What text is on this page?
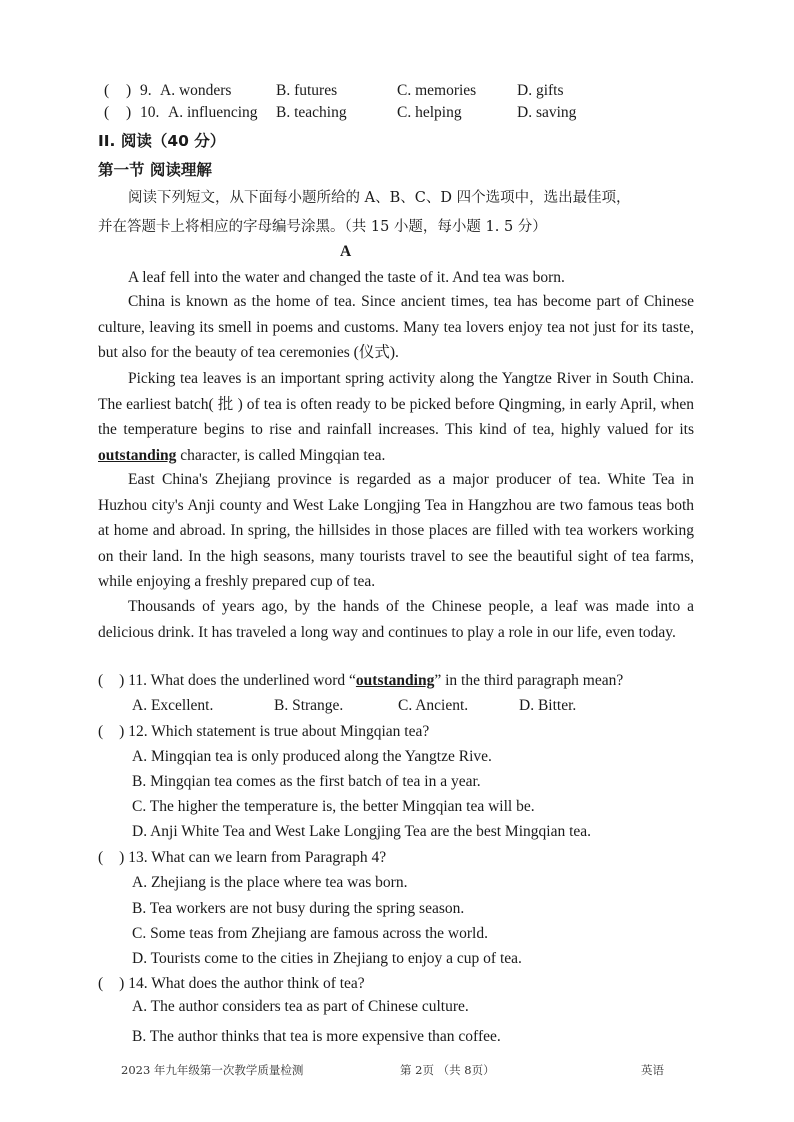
( ) 9. A. wonders	B. futures	C. memories	D. gifts
( ) 10. A. influencing B. teaching	C. helping	D. saving
II. 阅读（40 分）
第一节 阅读理解
阅读下列短文，从下面每小题所给的 A、B、C、D 四个选项中，选出最佳项，
并在答题卡上将相应的字母编号涂黑。（共 15 小题，每小题 1. 5 分）
A
A leaf fell into the water and changed the taste of it. And tea was born.
China is known as the home of tea. Since ancient times, tea has become part of Chinese culture, leaving its smell in poems and customs. Many tea lovers enjoy tea not just for its taste, but also for the beauty of tea ceremonies (仪式).
Picking tea leaves is an important spring activity along the Yangtze River in South China. The earliest batch( 批 ) of tea is often ready to be picked before Qingming, in early April, when the temperature begins to rise and rainfall increases. This kind of tea, highly valued for its outstanding character, is called Mingqian tea.
East China's Zhejiang province is regarded as a major producer of tea. White Tea in Huzhou city's Anji county and West Lake Longjing Tea in Hangzhou are two famous teas both at home and abroad. In spring, the hillsides in those places are filled with tea workers working on their land. In the high seasons, many tourists travel to see the beautiful sight of tea farms, while enjoying a freshly prepared cup of tea.
Thousands of years ago, by the hands of the Chinese people, a leaf was made into a delicious drink. It has traveled a long way and continues to play a role in our life, even today.
( ) 11. What does the underlined word “outstanding” in the third paragraph mean?
A. Excellent.	B. Strange.	C. Ancient.	D. Bitter.
( ) 12. Which statement is true about Mingqian tea?
A. Mingqian tea is only produced along the Yangtze Rive.
B. Mingqian tea comes as the first batch of tea in a year.
C. The higher the temperature is, the better Mingqian tea will be.
D. Anji White Tea and West Lake Longjing Tea are the best Mingqian tea.
( ) 13. What can we learn from Paragraph 4?
A. Zhejiang is the place where tea was born.
B. Tea workers are not busy during the spring season.
C. Some teas from Zhejiang are famous across the world.
D. Tourists come to the cities in Zhejiang to enjoy a cup of tea.
( ) 14. What does the author think of tea?
A. The author considers tea as part of Chinese culture.
B. The author thinks that tea is more expensive than coffee.
2023 年九年级第一次教学质量检测	第 2页 （共 8页）	英语
